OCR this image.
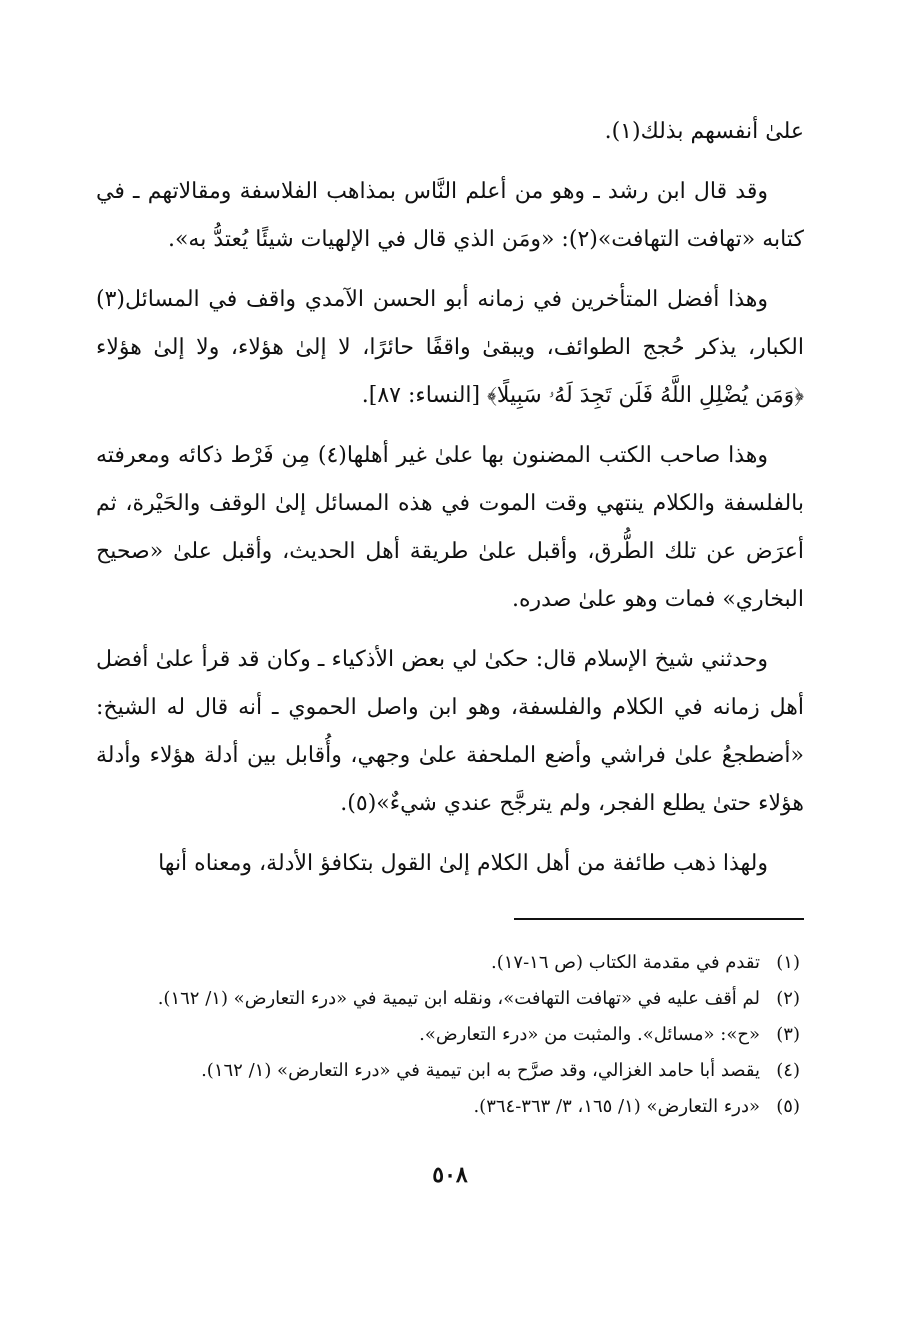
علىٰ أنفسهم بذلك(١).

وقد قال ابن رشد ـ وهو من أعلم النَّاس بمذاهب الفلاسفة ومقالاتهم ـ في كتابه «تهافت التهافت»(٢): «ومَن الذي قال في الإلهيات شيئًا يُعتدُّ به».

وهذا أفضل المتأخرين في زمانه أبو الحسن الآمدي واقف في المسائل(٣) الكبار، يذكر حُجج الطوائف، ويبقىٰ واقفًا حائرًا، لا إلىٰ هؤلاء، ولا إلىٰ هؤلاء ﴿وَمَن يُضْلِلِ اللَّهُ فَلَن تَجِدَ لَهُۥ سَبِيلًا﴾ [النساء: ٨٧].

وهذا صاحب الكتب المضنون بها علىٰ غير أهلها(٤) مِن فَرْط ذكائه ومعرفته بالفلسفة والكلام ينتهي وقت الموت في هذه المسائل إلىٰ الوقف والحَيْرة، ثم أعرَض عن تلك الطُّرق، وأقبل علىٰ طريقة أهل الحديث، وأقبل علىٰ «صحيح البخاري» فمات وهو علىٰ صدره.

وحدثني شيخ الإسلام قال: حكىٰ لي بعض الأذكياء ـ وكان قد قرأ علىٰ أفضل أهل زمانه في الكلام والفلسفة، وهو ابن واصل الحموي ـ أنه قال له الشيخ: «أضطجعُ علىٰ فراشي وأضع الملحفة علىٰ وجهي، وأُقابل بين أدلة هؤلاء وأدلة هؤلاء حتىٰ يطلع الفجر، ولم يترجَّح عندي شيءٌ»(٥).

ولهذا ذهب طائفة من أهل الكلام إلىٰ القول بتكافؤ الأدلة، ومعناه أنها

(١)
تقدم في مقدمة الكتاب (ص ١٦-١٧).
(٢)
لم أقف عليه في «تهافت التهافت»، ونقله ابن تيمية في «درء التعارض» (١/ ١٦٢).
(٣)
«ح»: «مسائل». والمثبت من «درء التعارض».
(٤)
يقصد أبا حامد الغزالي، وقد صرَّح به ابن تيمية في «درء التعارض» (١/ ١٦٢).
(٥)
«درء التعارض» (١/ ١٦٥، ٣/ ٣٦٣-٣٦٤).
٥٠٨
